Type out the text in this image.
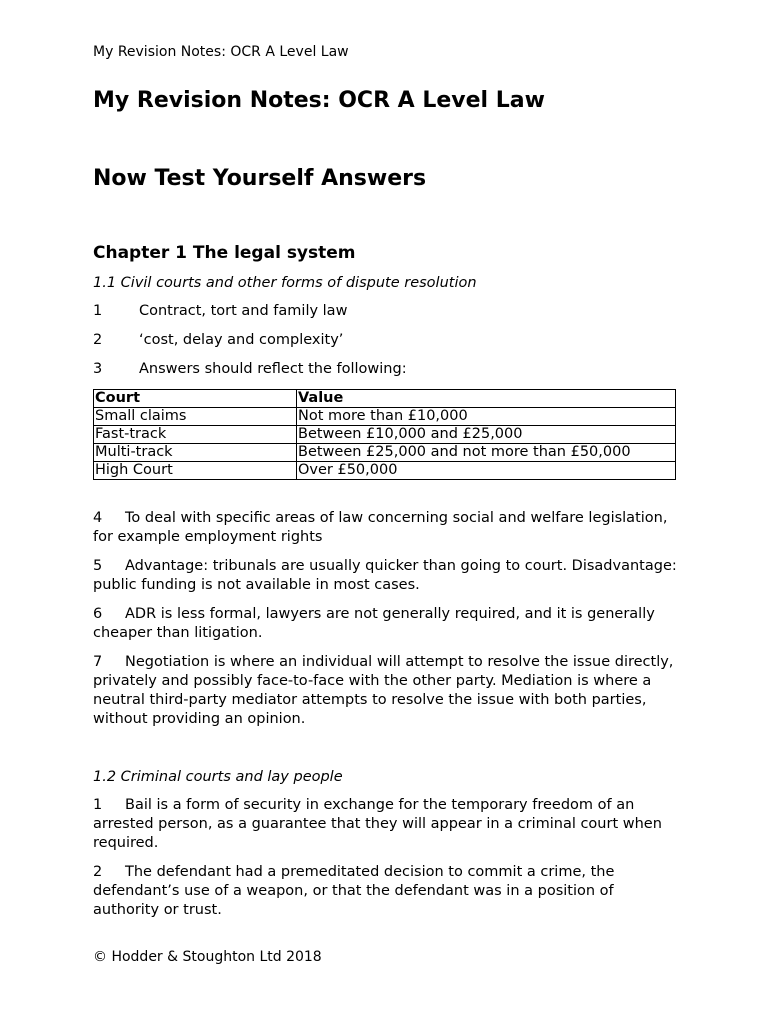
My Revision Notes: OCR A Level Law
My Revision Notes: OCR A Level Law
Now Test Yourself Answers
Chapter 1 The legal system
1.1 Civil courts and other forms of dispute resolution
1	Contract, tort and family law
2	‘cost, delay and complexity’
3	Answers should reflect the following:
Court	Value
Small claims	Not more than £10,000
Fast-track	Between £10,000 and £25,000
Multi-track	Between £25,000 and not more than £50,000
High Court	Over £50,000
4 To deal with specific areas of law concerning social and welfare legislation, for example employment rights
5 Advantage: tribunals are usually quicker than going to court. Disadvantage: public funding is not available in most cases.
6 ADR is less formal, lawyers are not generally required, and it is generally cheaper than litigation.
7 Negotiation is where an individual will attempt to resolve the issue directly, privately and possibly face-to-face with the other party. Mediation is where a neutral third-party mediator attempts to resolve the issue with both parties, without providing an opinion.
1.2 Criminal courts and lay people
1 Bail is a form of security in exchange for the temporary freedom of an arrested person, as a guarantee that they will appear in a criminal court when required.
2 The defendant had a premeditated decision to commit a crime, the defendant’s use of a weapon, or that the defendant was in a position of authority or trust.
© Hodder & Stoughton Ltd 2018
